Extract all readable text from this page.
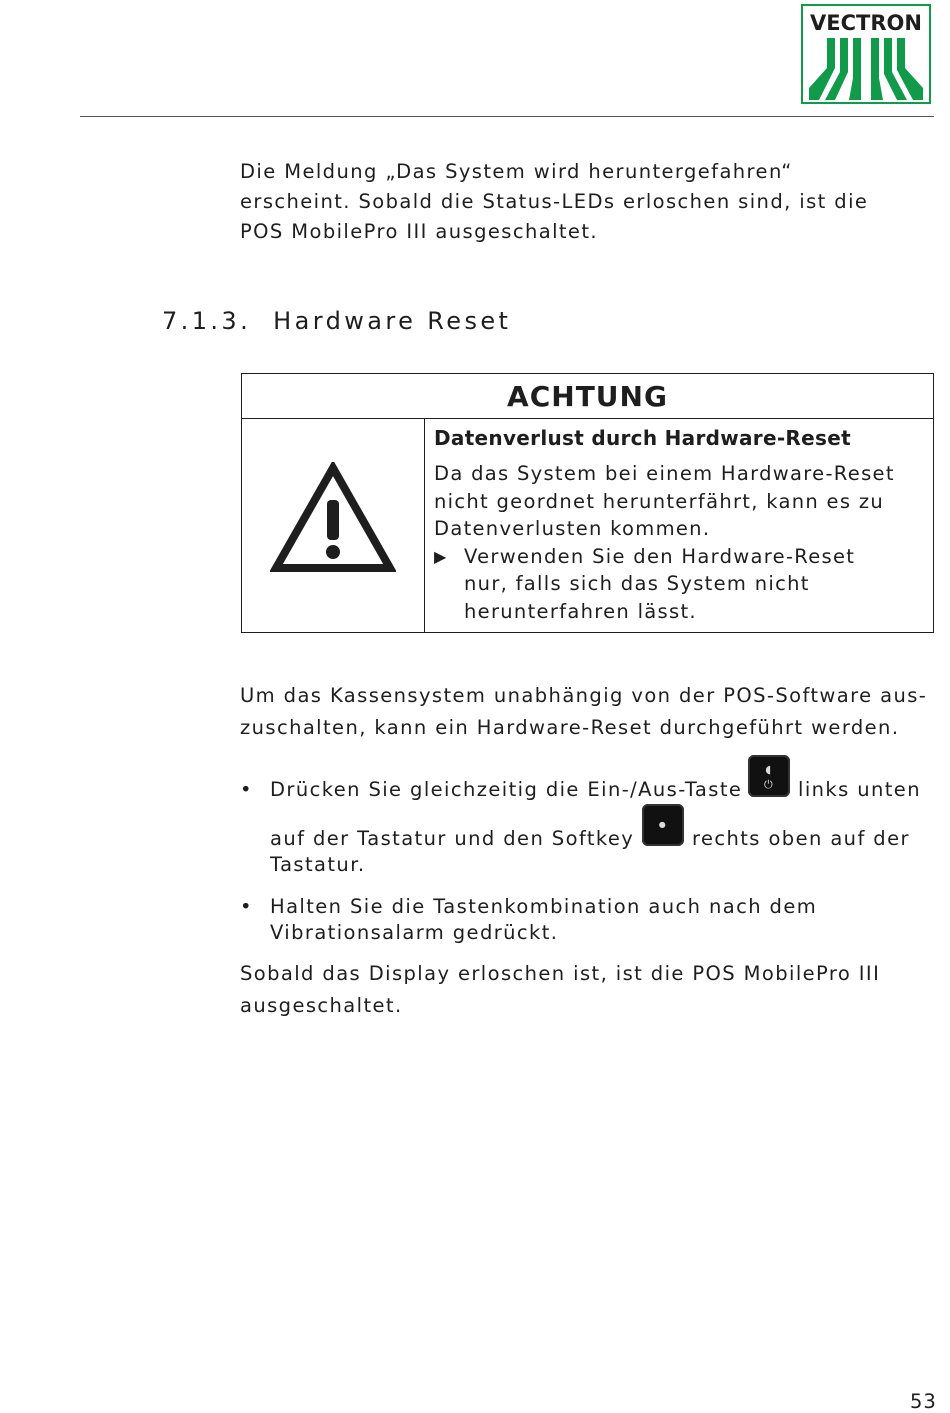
VECTRON
Die Meldung „Das System wird heruntergefahren“
erscheint. Sobald die Status-LEDs erloschen sind, ist die
POS MobilePro III ausgeschaltet.
7.1.3. Hardware Reset
ACHTUNG

Datenverlust durch Hardware-Reset

Da das System bei einem Hardware-Reset
nicht geordnet herunterfährt, kann es zu
Datenverlusten kommen.
▶ Verwenden Sie den Hardware-Reset
nur, falls sich das System nicht
herunterfahren lässt.
Um das Kassensystem unabhängig von der POS-Software aus-
zuschalten, kann ein Hardware-Reset durchgeführt werden.
• Drücken Sie gleichzeitig die Ein-/Aus-Taste
◖
⏻	links unten
auf der Tastatur und den Softkey
●
rechts oben auf der
Tastatur.
• Halten Sie die Tastenkombination auch nach dem
Vibrationsalarm gedrückt.
Sobald das Display erloschen ist, ist die POS MobilePro III
ausgeschaltet.
53
